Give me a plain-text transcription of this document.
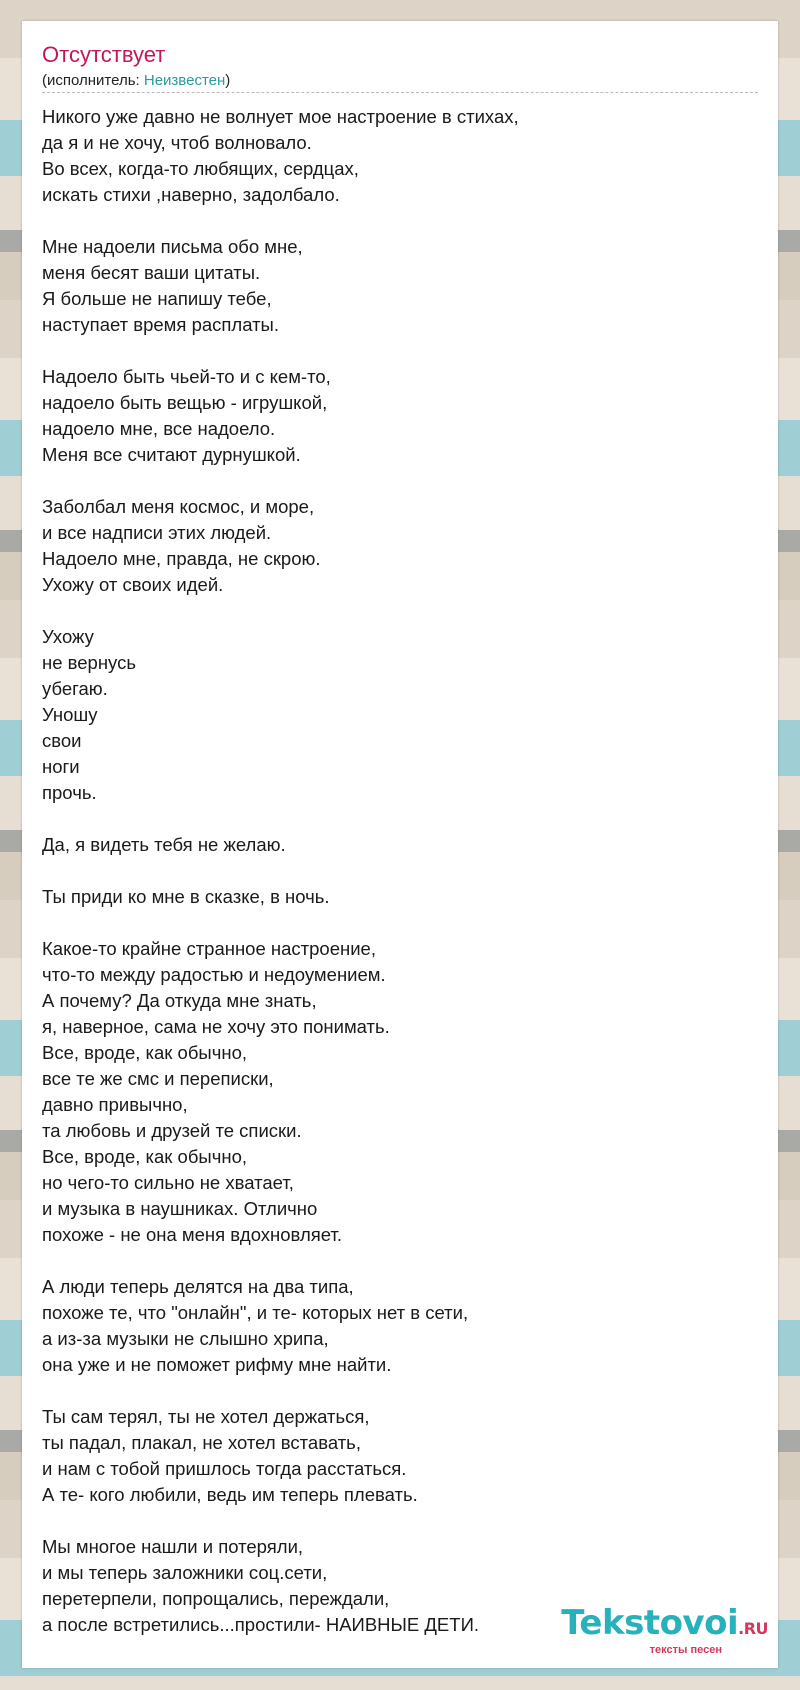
Отсутствует
(исполнитель: Неизвестен)
Никого уже давно не волнует мое настроение в стихах,
да я и не хочу, чтоб волновало.
Во всех, когда-то любящих, сердцах,
искать стихи ,наверно, задолбало.
Мне надоели письма обо мне,
меня бесят ваши цитаты.
Я больше не напишу тебе,
наступает время расплаты.
Надоело быть чьей-то и с кем-то,
надоело быть вещью - игрушкой,
надоело мне, все надоело.
Меня все считают дурнушкой.
Заболбал меня космос, и море,
и все надписи этих людей.
Надоело мне, правда, не скрою.
Ухожу от своих идей.
Ухожу
не вернусь
убегаю.
Уношу
свои
ноги
прочь.
Да, я видеть тебя не желаю.
Ты приди ко мне в сказке, в ночь.
Какое-то крайне странное настроение,
что-то между радостью и недоумением.
А почему? Да откуда мне знать,
я, наверное, сама не хочу это понимать.
Все, вроде, как обычно,
все те же смс и переписки,
давно привычно,
та любовь и друзей те списки.
Все, вроде, как обычно,
но чего-то сильно не хватает,
и музыка в наушниках. Отлично
похоже - не она меня вдохновляет.
А люди теперь делятся на два типа,
похоже те, что "онлайн", и те- которых нет в сети,
а из-за музыки не слышно хрипа,
она уже и не поможет рифму мне найти.
Ты сам терял, ты не хотел держаться,
ты падал, плакал, не хотел вставать,
и нам с тобой пришлось тогда расстаться.
А те- кого любили, ведь им теперь плевать.
Мы многое нашли и потеряли,
и мы теперь заложники соц.сети,
перетерпели, попрощались, переждали,
а после встретились...простили- НАИВНЫЕ ДЕТИ.	Tekstovoi.RU
тексты песен
